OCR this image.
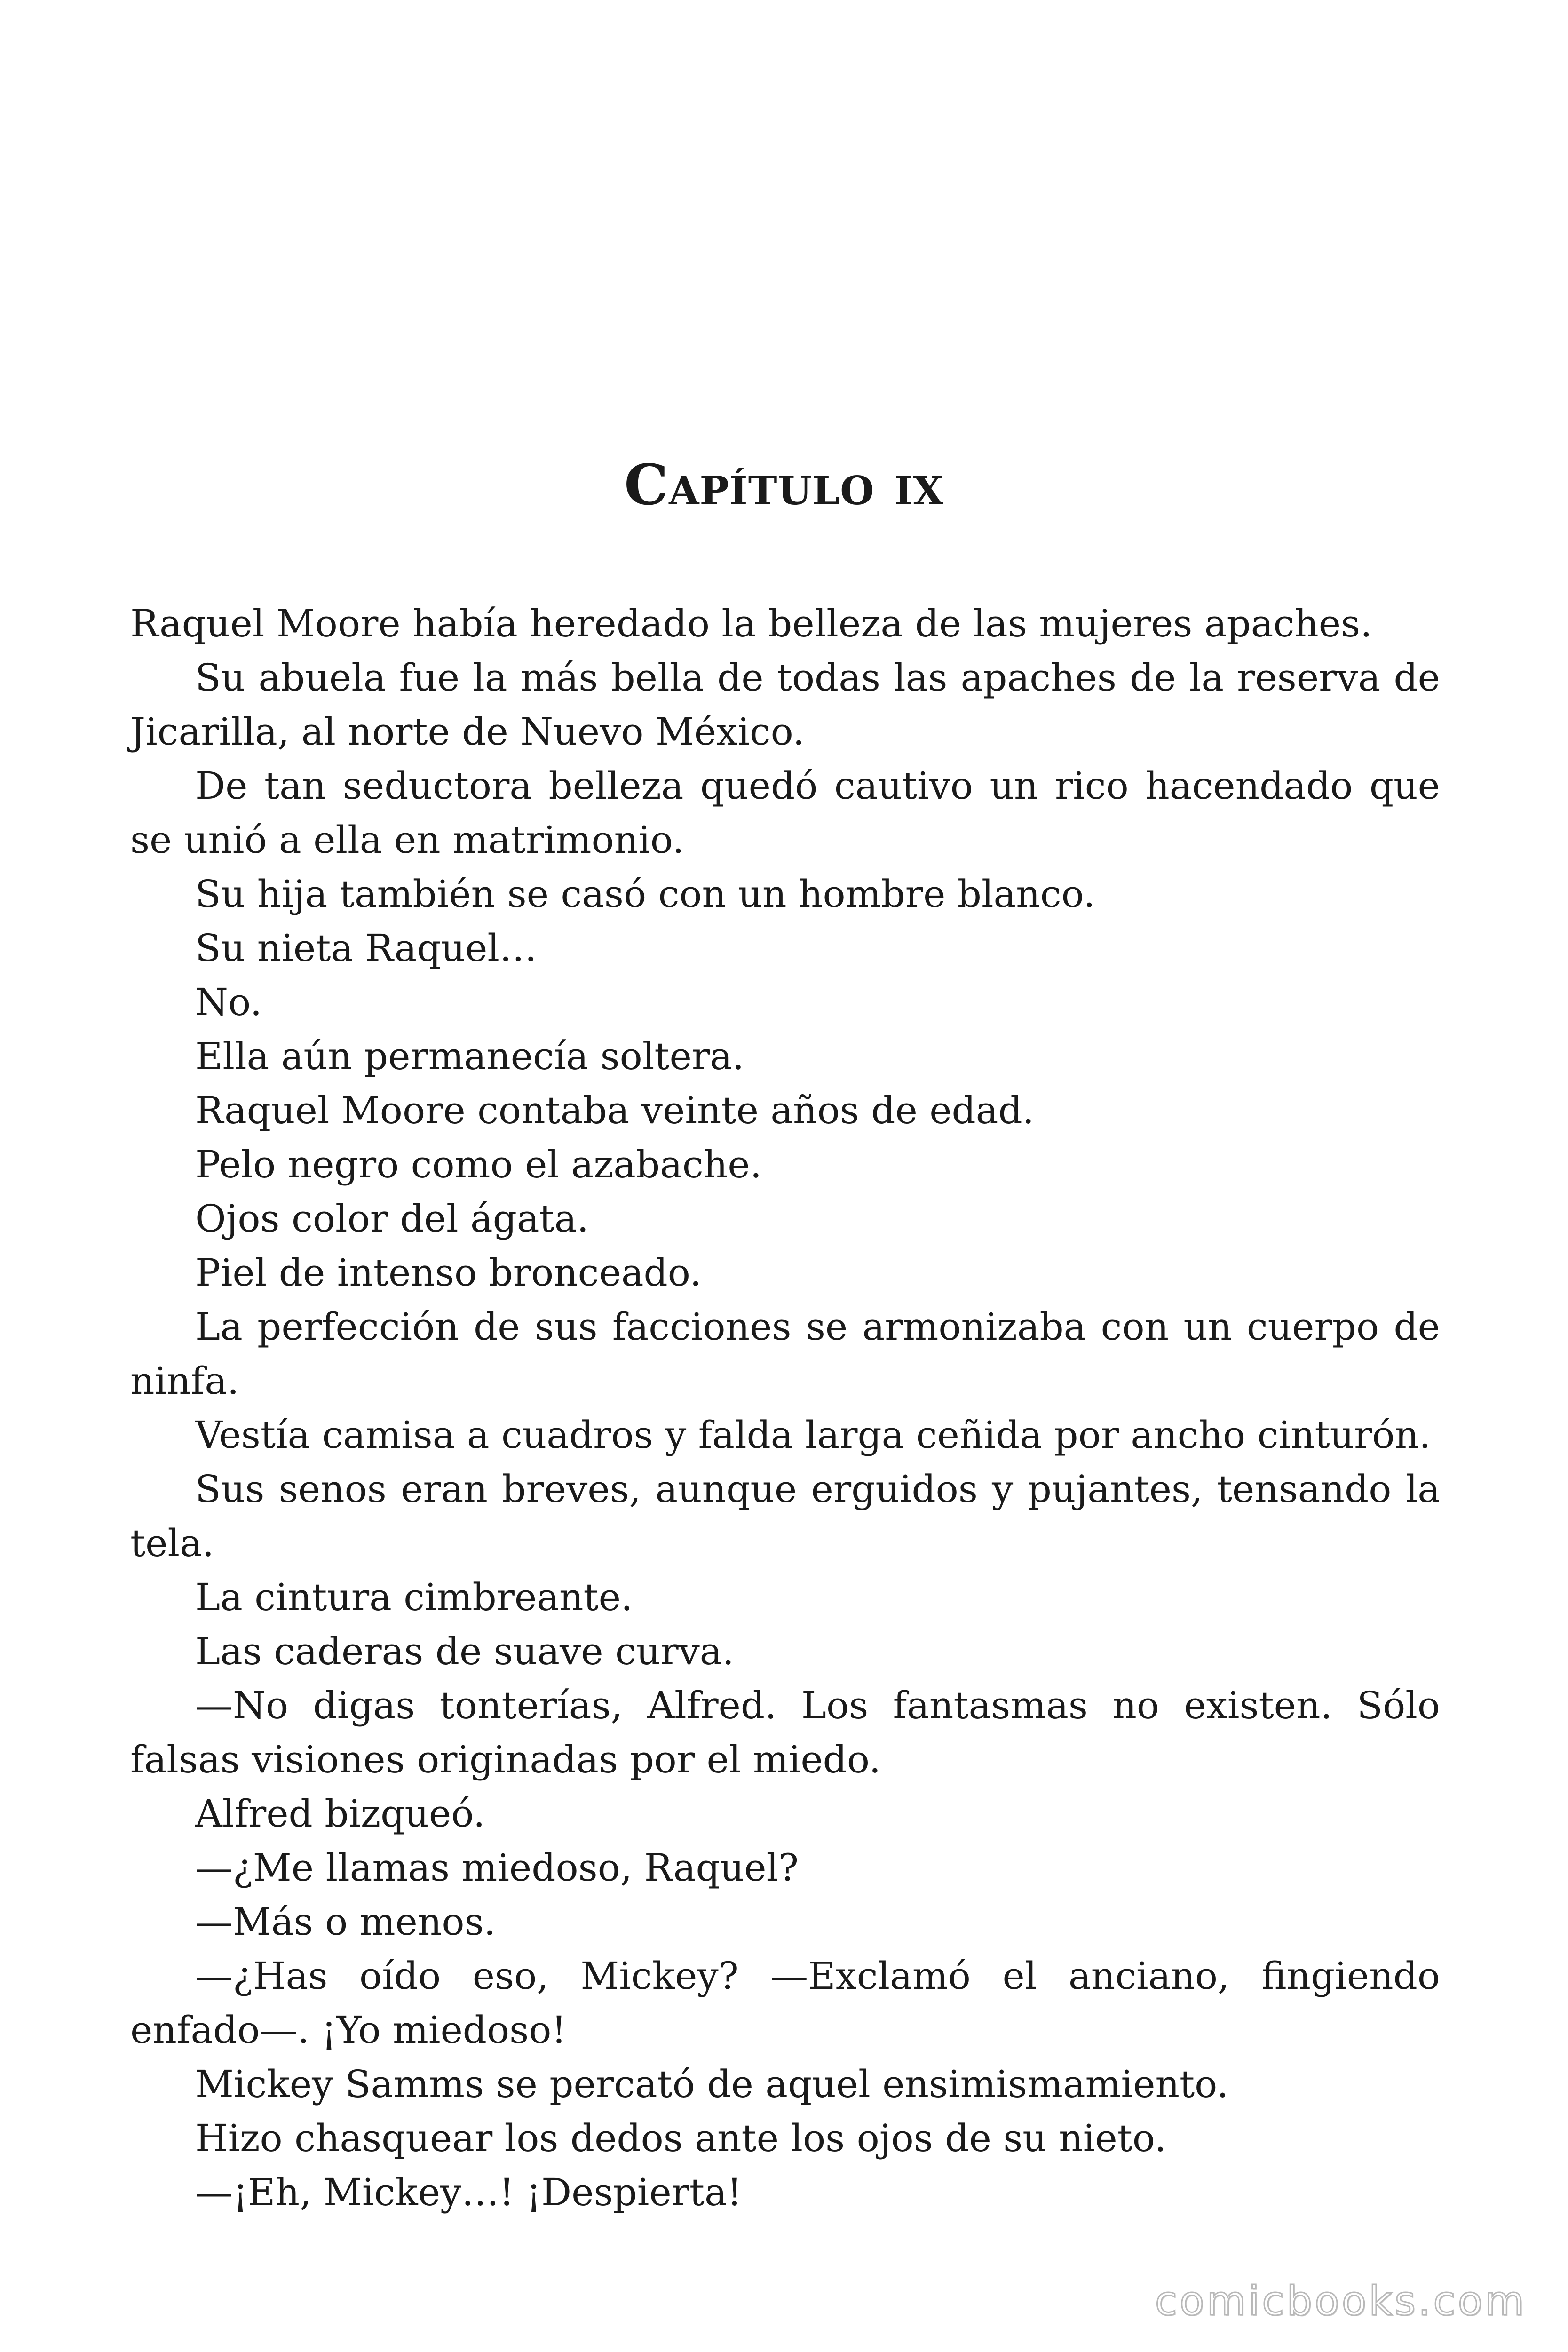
Capítulo ix

Raquel Moore había heredado la belleza de las mujeres apaches.

Su abuela fue la más bella de todas las apaches de la reserva de Jicarilla, al norte de Nuevo México.

De tan seductora belleza quedó cautivo un rico hacendado que se unió a ella en matrimonio.

Su hija también se casó con un hombre blanco.

Su nieta Raquel…

No.

Ella aún permanecía soltera.

Raquel Moore contaba veinte años de edad.

Pelo negro como el azabache.

Ojos color del ágata.

Piel de intenso bronceado.

La perfección de sus facciones se armonizaba con un cuerpo de ninfa.

Vestía camisa a cuadros y falda larga ceñida por ancho cinturón.

Sus senos eran breves, aunque erguidos y pujantes, tensando la tela.

La cintura cimbreante.

Las caderas de suave curva.

—No digas tonterías, Alfred. Los fantasmas no existen. Sólo falsas visiones originadas por el miedo.

Alfred bizqueó.

—¿Me llamas miedoso, Raquel?

—Más o menos.

—¿Has oído eso, Mickey? —Exclamó el anciano, fingiendo enfado—. ¡Yo miedoso!

Mickey Samms se percató de aquel ensimismamiento.

Hizo chasquear los dedos ante los ojos de su nieto.

—¡Eh, Mickey…! ¡Despierta!

comicbooks.com
